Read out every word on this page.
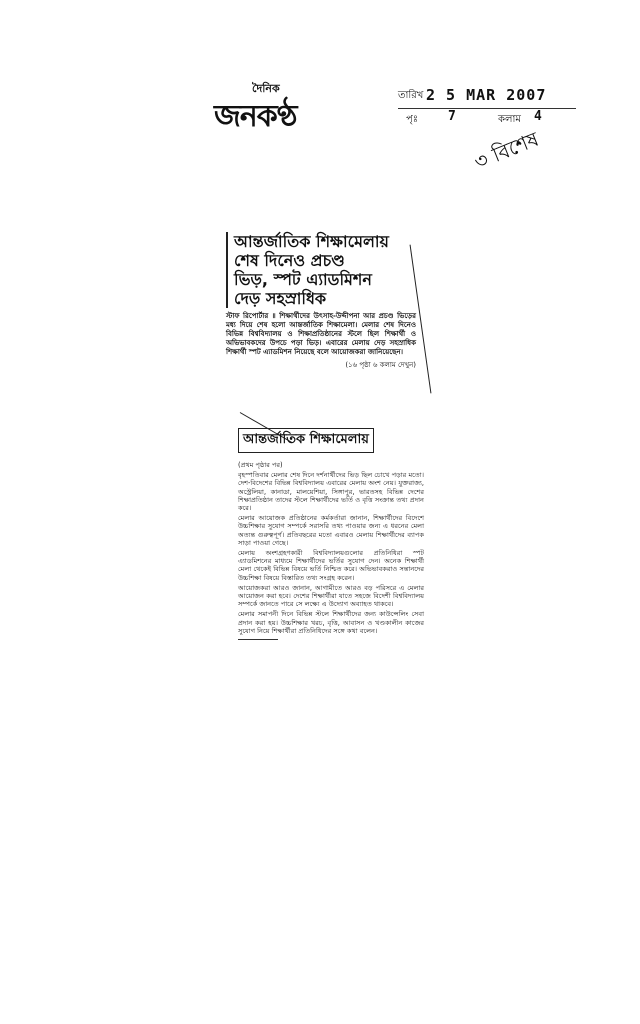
দৈনিক
জনকণ্ঠ
তারিখ 2 5 MAR 2007
পৃঃ 7	কলাম 4
৩ বিশেষ
আন্তর্জাতিক শিক্ষামেলায়
শেষ দিনেও প্রচণ্ড
ভিড়, স্পট এ্যাডমিশন
দেড় সহস্রাধিক
স্টাফ রিপোর্টার ॥ শিক্ষার্থীদের উৎসাহ-উদ্দীপনা আর প্রচণ্ড ভিড়ের মধ্য দিয়ে শেষ হলো আন্তর্জাতিক শিক্ষামেলা। মেলার শেষ দিনেও বিভিন্ন বিশ্ববিদ্যালয় ও শিক্ষাপ্রতিষ্ঠানের স্টলে ছিল শিক্ষার্থী ও অভিভাবকদের উপচে পড়া ভিড়। এবারের মেলায় দেড় সহস্রাধিক শিক্ষার্থী স্পট এ্যাডমিশন নিয়েছে বলে আয়োজকরা জানিয়েছেন।
(১৬ পৃষ্ঠা ৬ কলাম দেখুন)
আন্তর্জাতিক শিক্ষামেলায়

(প্রথম পৃষ্ঠার পর)

বৃহস্পতিবার মেলার শেষ দিনে দর্শনার্থীদের ভিড় ছিল চোখে পড়ার মতো। দেশ-বিদেশের বিভিন্ন বিশ্ববিদ্যালয় এবারের মেলায় অংশ নেয়। যুক্তরাজ্য, অস্ট্রেলিয়া, কানাডা, মালয়েশিয়া, সিঙ্গাপুর, ভারতসহ বিভিন্ন দেশের শিক্ষাপ্রতিষ্ঠান তাদের স্টলে শিক্ষার্থীদের ভর্তি ও বৃত্তি সংক্রান্ত তথ্য প্রদান করে।

মেলার আয়োজক প্রতিষ্ঠানের কর্মকর্তারা জানান, শিক্ষার্থীদের বিদেশে উচ্চশিক্ষার সুযোগ সম্পর্কে সরাসরি তথ্য পাওয়ার জন্য এ ধরনের মেলা অত্যন্ত গুরুত্বপূর্ণ। প্রতিবছরের মতো এবারও মেলায় শিক্ষার্থীদের ব্যাপক সাড়া পাওয়া গেছে।

মেলায় অংশগ্রহণকারী বিশ্ববিদ্যালয়গুলোর প্রতিনিধিরা স্পট এ্যাডমিশনের মাধ্যমে শিক্ষার্থীদের ভর্তির সুযোগ দেন। অনেক শিক্ষার্থী মেলা থেকেই বিভিন্ন বিষয়ে ভর্তি নিশ্চিত করে। অভিভাবকরাও সন্তানদের উচ্চশিক্ষা বিষয়ে বিস্তারিত তথ্য সংগ্রহ করেন।

আয়োজকরা আরও জানান, আগামীতে আরও বড় পরিসরে এ মেলার আয়োজন করা হবে। দেশের শিক্ষার্থীরা যাতে সহজে বিদেশী বিশ্ববিদ্যালয় সম্পর্কে জানতে পারে সে লক্ষ্যে এ উদ্যোগ অব্যাহত থাকবে।

মেলার সমাপনী দিনে বিভিন্ন স্টলে শিক্ষার্থীদের জন্য কাউন্সেলিং সেবা প্রদান করা হয়। উচ্চশিক্ষার খরচ, বৃত্তি, আবাসন ও খণ্ডকালীন কাজের সুযোগ নিয়ে শিক্ষার্থীরা প্রতিনিধিদের সঙ্গে কথা বলেন।
